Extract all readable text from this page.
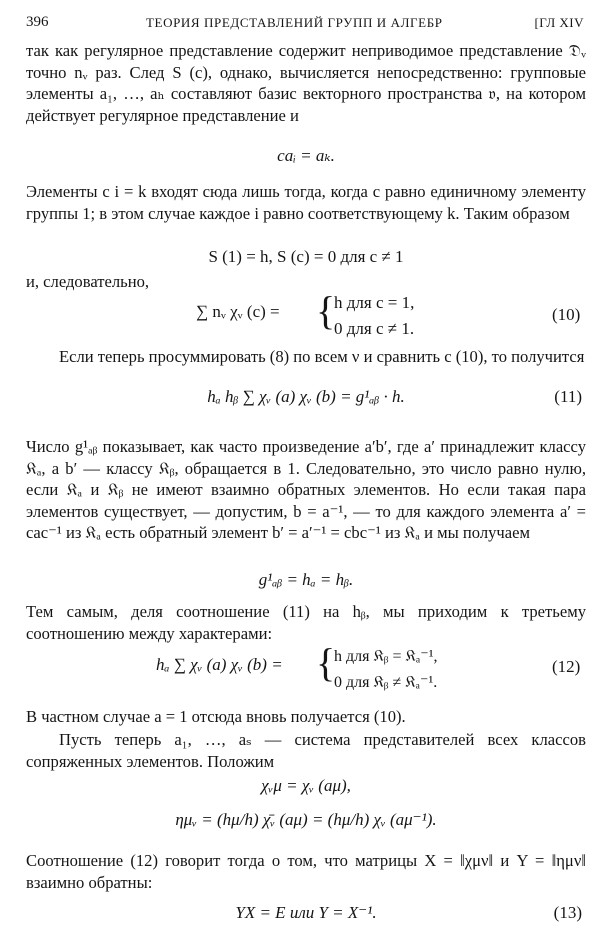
396	ТЕОРИЯ ПРЕДСТАВЛЕНИЙ ГРУПП И АЛГЕБР	[ГЛ XIV
так как регулярное представление содержит неприводимое представление 𝔇ᵥ точно nᵥ раз. След S (c), однако, вычисляется непосредственно: групповые элементы a₁, …, aₕ составляют базис векторного пространства 𝔳, на котором действует регулярное представление и
caᵢ = aₖ.
Элементы с i = k входят сюда лишь тогда, когда c равно единичному элементу группы 1; в этом случае каждое i равно соответствующему k. Таким образом
S (1) = h, S (c) = 0 для c ≠ 1
и, следовательно,
∑ nᵥ χᵥ (c) = {
h для c = 1,
0 для c ≠ 1.
(10)
Если теперь просуммировать (8) по всем ν и сравнить с (10), то получится
hₐ hᵦ ∑ χᵥ (a) χᵥ (b) = g¹ₐᵦ · h.	(11)
Число g¹ₐᵦ показывает, как часто произведение a′b′, где a′ принадлежит классу 𝔎ₐ, а b′ — классу 𝔎ᵦ, обращается в 1. Следовательно, это число равно нулю, если 𝔎ₐ и 𝔎ᵦ не имеют взаимно обратных элементов. Но если такая пара элементов существует, — допустим, b = a⁻¹, — то для каждого элемента a′ = cac⁻¹ из 𝔎ₐ есть обратный элемент b′ = a′⁻¹ = cbc⁻¹ из 𝔎ₐ и мы получаем
g¹ₐᵦ = hₐ = hᵦ.
Тем самым, деля соотношение (11) на hᵦ, мы приходим к третьему соотношению между характерами:
hₐ ∑ χᵥ (a) χᵥ (b) = {
h для 𝔎ᵦ = 𝔎ₐ⁻¹,
0 для 𝔎ᵦ ≠ 𝔎ₐ⁻¹.
(12)
В частном случае a = 1 отсюда вновь получается (10).
Пусть теперь a₁, …, aₛ — система представителей всех классов сопряженных элементов. Положим
χᵥμ = χᵥ (aμ),
ημᵥ = (hμ/h) χ̄ᵥ (aμ) = (hμ/h) χᵥ (aμ⁻¹).
Соотношение (12) говорит тогда о том, что матрицы X = ‖χμν‖ и Y = ‖ημν‖ взаимно обратны:
YX = E или Y = X⁻¹.	(13)
